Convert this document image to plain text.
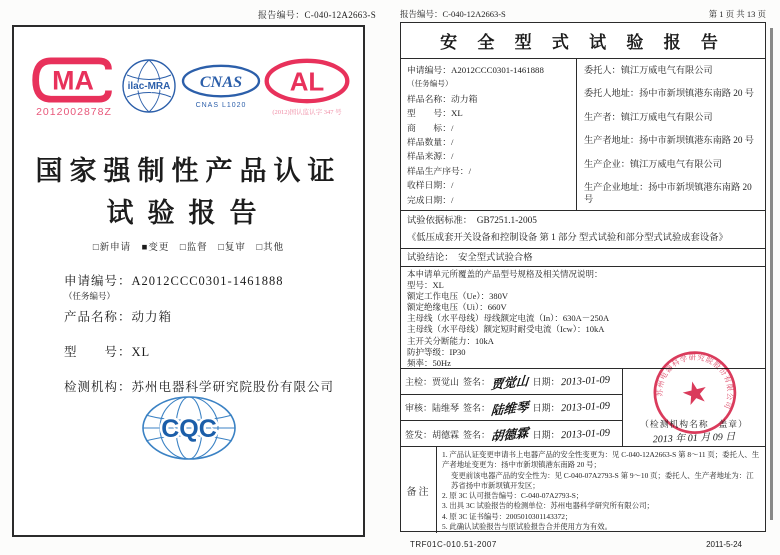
报告编号：C-040-12A2663-S
MA
2012002878Z
ilac-MRA CNAS
CNAS L1020
AL
(2012)国认监认字 347 号
国家强制性产品认证
试验报告
□新申请　■变更　□监督　□复审　□其他
申请编号：A2012CCC0301-1461888
（任务编号）
产品名称：动力箱
型　　号：XL
检测机构：苏州电器科学研究院股份有限公司
CQC
报告编号：C-040-12A2663-S	第 1 页 共 13 页
安 全 型 式 试 验 报 告
申请编号：A2012CCC0301-1461888
（任务编号）
样品名称：动力箱
型　　号：XL
商　　标：/
样品数量：/
样品来源：/
样品生产序号：/
收样日期：/
完成日期：/
委托人：镇江万威电气有限公司
委托人地址：扬中市新坝镇港东南路 20 号
生产者：镇江万威电气有限公司
生产者地址：扬中市新坝镇港东南路 20 号
生产企业：镇江万威电气有限公司
生产企业地址：扬中市新坝镇港东南路 20 号
试验依据标准：　GB7251.1-2005
《低压成套开关设备和控制设备 第 1 部分 型式试验和部分型式试验成套设备》
试验结论：　安全型式试验合格
本申请单元所覆盖的产品型号规格及相关情况说明：
型号：XL
额定工作电压（Ue）：380V
额定绝缘电压（Ui）：660V
主母线（水平母线）母线额定电流（In）：630A－250A
主母线（水平母线）额定短时耐受电流（Icw）：10kA
主开关分断能力：10kA
防护等级：IP30
频率：50Hz
主检： 贾觉山 签名： 贾觉山 日期： 2013-01-09
审核： 陆维琴 签名： 陆维琴 日期： 2013-01-09
签发： 胡德霖 签名： 胡德霖 日期： 2013-01-09
★
苏州电器科学研究院股份有限公司
（检测机构名称　盖章）
2013 年 01 月 09 日
备注
1. 产品认证变更申请书上电器产品的安全性变更为：见 C-040-12A2663-S 第 8～11 页；委托人、生产者地址变更为：扬中市新坝镇港东南路 20 号；
变更前该电器产品的安全性为：见 C-040-07A2793-S 第 9～10 页；委托人、生产者地址为：江苏省扬中市新坝镇开发区；
2. 原 3C 认可报告编号：C-040-07A2793-S；
3. 出具 3C 试验报告的检测单位：苏州电器科学研究所有限公司；
4. 原 3C 证书编号：2005010301143372；
5. 此确认试验报告与原试验报告合并使用方为有效。
TRF01C-010.51-2007	2011-5-24
